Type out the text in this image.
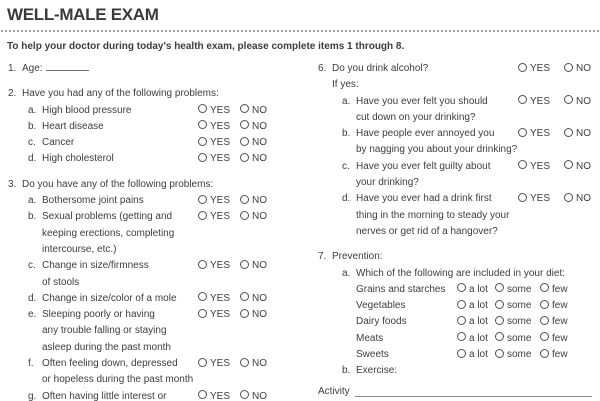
WELL-MALE EXAM
To help your doctor during today's health exam, please complete items 1 through 8.
1. Age:
2. Have you had any of the following problems:
a. High blood pressure	YES	NO
b. Heart disease	YES	NO
c. Cancer	YES	NO
d. High cholesterol	YES	NO
3. Do you have any of the following problems:
a. Bothersome joint pains	YES	NO
b. Sexual problems (getting and	YES	NO
keeping erections, completing
intercourse, etc.)
c. Change in size/firmness	YES	NO
of stools
d. Change in size/color of a mole	YES	NO
e. Sleeping poorly or having	YES	NO
any trouble falling or staying
asleep during the past month
f. Often feeling down, depressed	YES	NO
or hopeless during the past month
g. Often having little interest or	YES	NO
6. Do you drink alcohol?	YES	NO
If yes:
a. Have you ever felt you should	YES	NO
cut down on your drinking?
b. Have people ever annoyed you	YES	NO
by nagging you about your drinking?
c. Have you ever felt guilty about	YES	NO
your drinking?
d. Have you ever had a drink first	YES	NO
thing in the morning to steady your
nerves or get rid of a hangover?
7. Prevention:
a. Which of the following are included in your diet:
Grains and starches	a lot	some	few
Vegetables	a lot	some	few
Dairy foods	a lot	some	few
Meats	a lot	some	few
Sweets	a lot	some	few
b. Exercise:
Activity
